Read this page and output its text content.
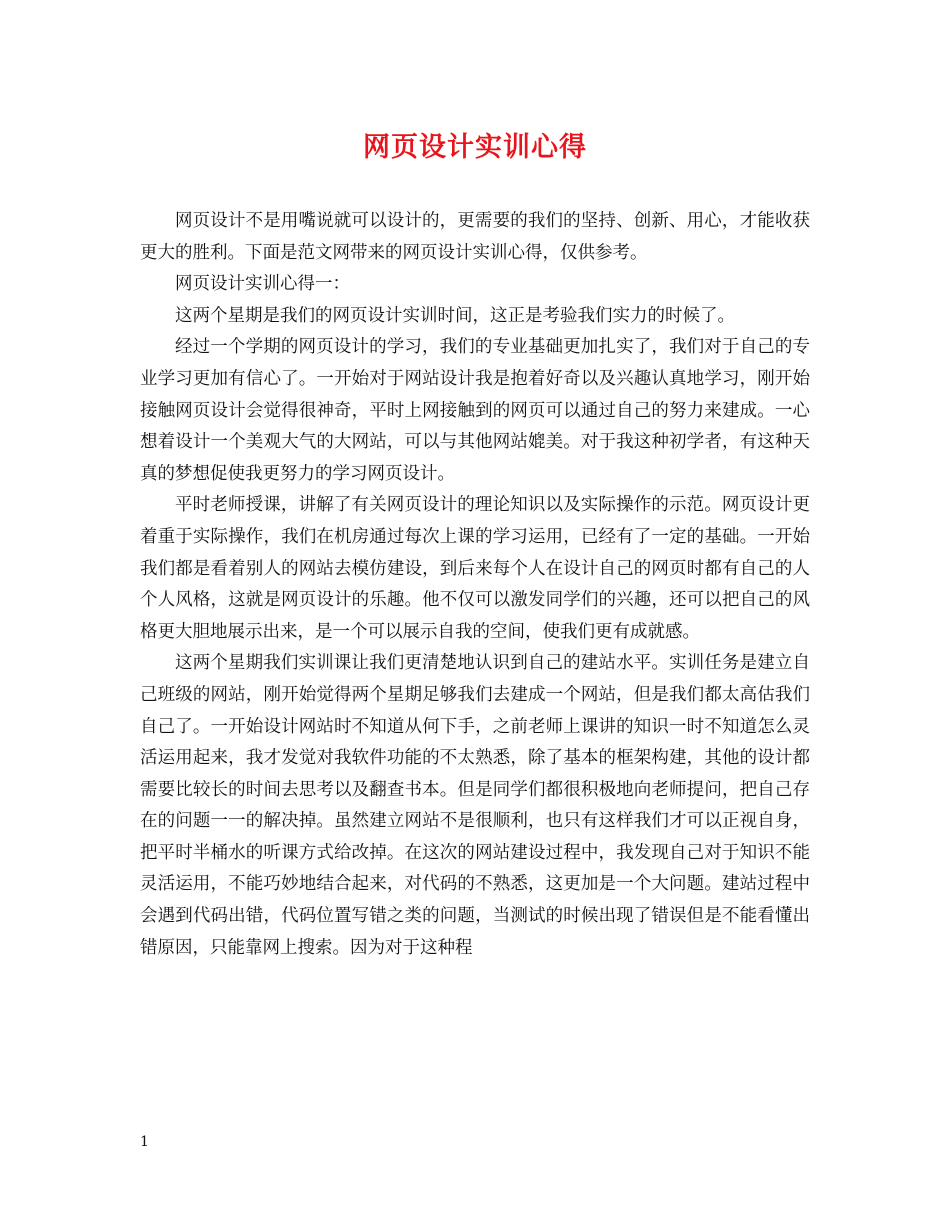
网页设计实训心得

网页设计不是用嘴说就可以设计的，更需要的我们的坚持、创新、用心，才能收获更大的胜利。下面是范文网带来的网页设计实训心得，仅供参考。

网页设计实训心得一：

这两个星期是我们的网页设计实训时间，这正是考验我们实力的时候了。

经过一个学期的网页设计的学习，我们的专业基础更加扎实了，我们对于自己的专业学习更加有信心了。一开始对于网站设计我是抱着好奇以及兴趣认真地学习，刚开始接触网页设计会觉得很神奇，平时上网接触到的网页可以通过自己的努力来建成。一心想着设计一个美观大气的大网站，可以与其他网站媲美。对于我这种初学者，有这种天真的梦想促使我更努力的学习网页设计。

平时老师授课，讲解了有关网页设计的理论知识以及实际操作的示范。网页设计更着重于实际操作，我们在机房通过每次上课的学习运用，已经有了一定的基础。一开始我们都是看着别人的网站去模仿建设，到后来每个人在设计自己的网页时都有自己的人个人风格，这就是网页设计的乐趣。他不仅可以激发同学们的兴趣，还可以把自己的风格更大胆地展示出来，是一个可以展示自我的空间，使我们更有成就感。

这两个星期我们实训课让我们更清楚地认识到自己的建站水平。实训任务是建立自己班级的网站，刚开始觉得两个星期足够我们去建成一个网站，但是我们都太高估我们自己了。一开始设计网站时不知道从何下手，之前老师上课讲的知识一时不知道怎么灵活运用起来，我才发觉对我软件功能的不太熟悉，除了基本的框架构建，其他的设计都需要比较长的时间去思考以及翻查书本。但是同学们都很积极地向老师提问，把自己存在的问题一一的解决掉。虽然建立网站不是很顺利，也只有这样我们才可以正视自身，把平时半桶水的听课方式给改掉。在这次的网站建设过程中，我发现自己对于知识不能灵活运用，不能巧妙地结合起来，对代码的不熟悉，这更加是一个大问题。建站过程中会遇到代码出错，代码位置写错之类的问题，当测试的时候出现了错误但是不能看懂出错原因，只能靠网上搜索。因为对于这种程

1
